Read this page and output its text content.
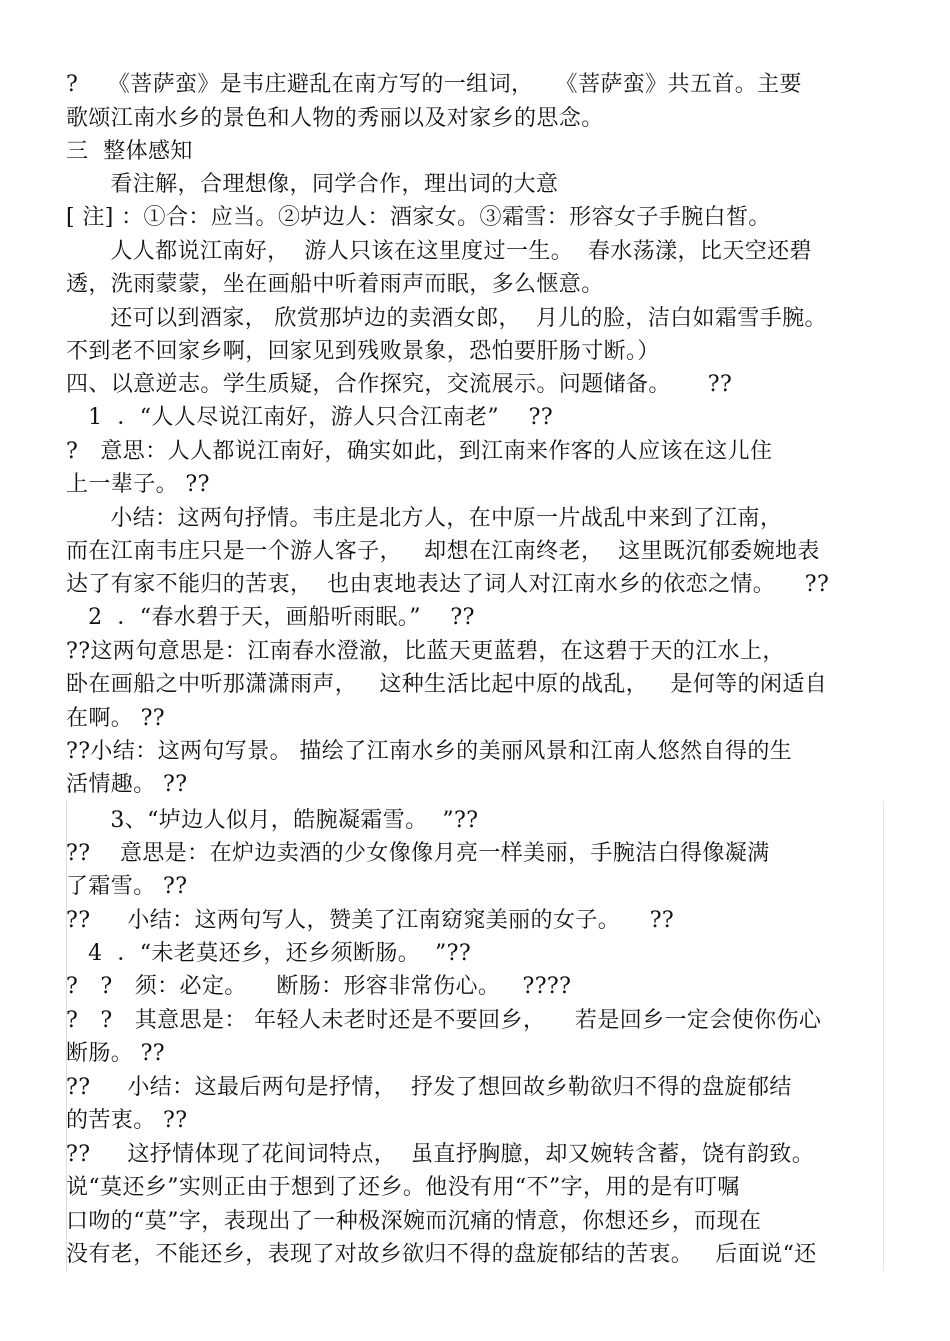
?    《菩萨蛮》是韦庄避乱在南方写的一组词，   《菩萨蛮》共五首。主要
歌颂江南水乡的景色和人物的秀丽以及对家乡的思念。
三  整体感知
看注解，合理想像，同学合作，理出词的大意
[ 注] ：①合：应当。②垆边人：酒家女。③霜雪：形容女子手腕白皙。
人人都说江南好，  游人只该在这里度过一生。  春水荡漾，比天空还碧
透，洗雨蒙蒙，坐在画船中听着雨声而眠，多么惬意。
还可以到酒家， 欣赏那垆边的卖酒女郎，  月儿的脸，洁白如霜雪手腕。
不到老不回家乡啊，回家见到残败景象，恐怕要肝肠寸断。）
四、以意逆志。学生质疑，合作探究，交流展示。问题储备。     ??
1  ．“人人尽说江南好，游人只合江南老”    ??
?   意思：人人都说江南好，确实如此，到江南来作客的人应该在这儿住
上一辈子。 ??
小结：这两句抒情。韦庄是北方人，在中原一片战乱中来到了江南，
而在江南韦庄只是一个游人客子，   却想在江南终老，  这里既沉郁委婉地表
达了有家不能归的苦衷，  也由衷地表达了词人对江南水乡的依恋之情。    ??
2  ．“春水碧于天，画船听雨眠。”    ??
??这两句意思是：江南春水澄澈，比蓝天更蓝碧，在这碧于天的江水上，
卧在画船之中听那潇潇雨声，   这种生活比起中原的战乱，   是何等的闲适自
在啊。 ??
??小结：这两句写景。 描绘了江南水乡的美丽风景和江南人悠然自得的生
活情趣。 ??
3、“垆边人似月，皓腕凝霜雪。  ”??
??    意思是：在炉边卖酒的少女像像月亮一样美丽，手腕洁白得像凝满
了霜雪。 ??
??     小结：这两句写人，赞美了江南窈窕美丽的女子。    ??
4  ．“未老莫还乡，还乡须断肠。  ”??
?   ?   须：必定。    断肠：形容非常伤心。   ????
?   ?   其意思是： 年轻人未老时还是不要回乡，    若是回乡一定会使你伤心
断肠。 ??
??     小结：这最后两句是抒情，  抒发了想回故乡勒欲归不得的盘旋郁结
的苦衷。 ??
??     这抒情体现了花间词特点，  虽直抒胸臆，却又婉转含蓄，饶有韵致。
说“莫还乡”实则正由于想到了还乡。他没有用“不”字，用的是有叮嘱
口吻的“莫”字，表现出了一种极深婉而沉痛的情意，你想还乡，而现在
没有老，不能还乡，表现了对故乡欲归不得的盘旋郁结的苦衷。   后面说“还
